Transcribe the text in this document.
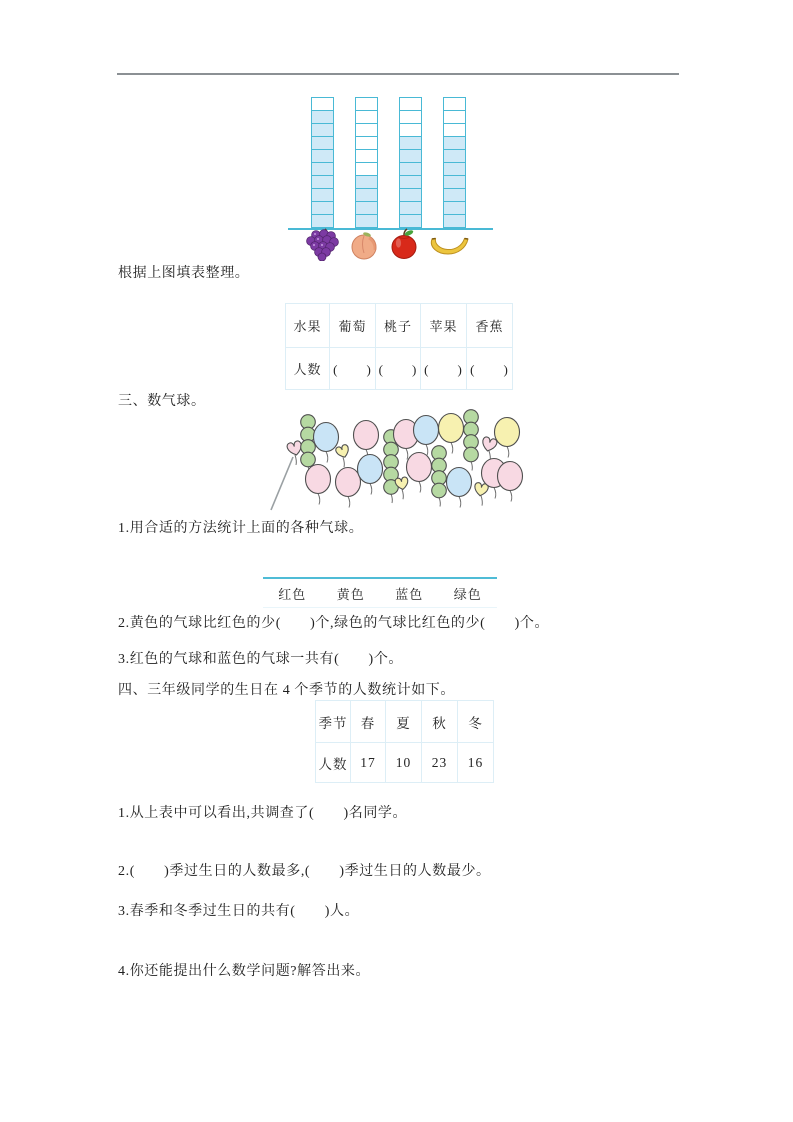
根据上图填表整理。
水果	葡萄	桃子	苹果	香蕉
人数 (　　) (　　) (　　) (　　)
三、数气球。
1.用合适的方法统计上面的各种气球。
红色	黄色	蓝色	绿色
2.黄色的气球比红色的少(　　)个,绿色的气球比红色的少(　　)个。
3.红色的气球和蓝色的气球一共有(　　)个。
四、三年级同学的生日在 4 个季节的人数统计如下。
季节 春	夏	秋	冬
人数 17	10	23	16
1.从上表中可以看出,共调查了(　　)名同学。
2.(　　)季过生日的人数最多,(　　)季过生日的人数最少。
3.春季和冬季过生日的共有(　　)人。
4.你还能提出什么数学问题?解答出来。
